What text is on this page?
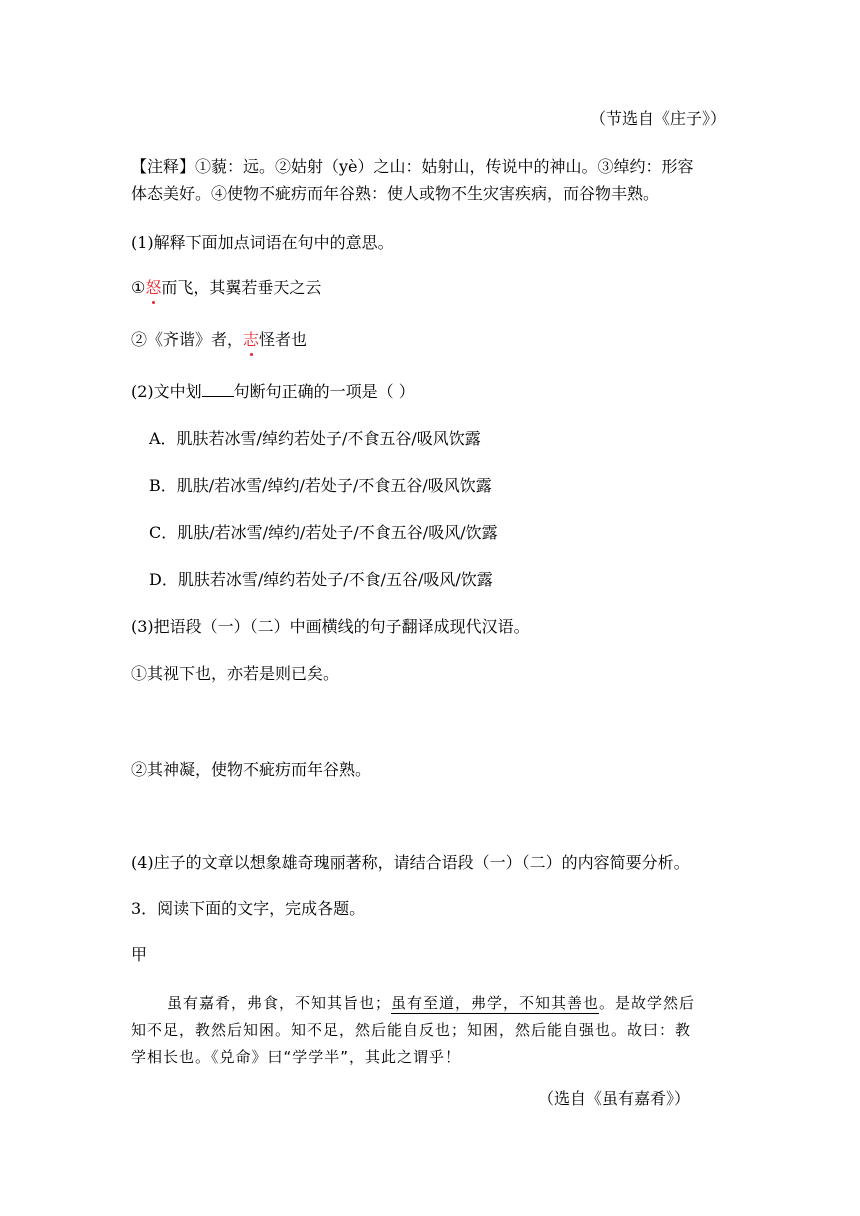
（节选自《庄子》）
【注释】①藐：远。②姑射（yè）之山：姑射山，传说中的神山。③绰约：形容
体态美好。④使物不疵疠而年谷熟：使人或物不生灾害疾病，而谷物丰熟。
(1)解释下面加点词语在句中的意思。
①怒而飞，其翼若垂天之云
②《齐谐》者，志怪者也
(2)文中划 句断句正确的一项是（ ）
A．肌肤若冰雪/绰约若处子/不食五谷/吸风饮露
B．肌肤/若冰雪/绰约/若处子/不食五谷/吸风饮露
C．肌肤/若冰雪/绰约/若处子/不食五谷/吸风/饮露
D．肌肤若冰雪/绰约若处子/不食/五谷/吸风/饮露
(3)把语段（一）（二）中画横线的句子翻译成现代汉语。
①其视下也，亦若是则已矣。
②其神凝，使物不疵疠而年谷熟。
(4)庄子的文章以想象雄奇瑰丽著称，请结合语段（一）（二）的内容简要分析。
3．阅读下面的文字，完成各题。
甲
虽有嘉肴，弗食，不知其旨也；虽有至道，弗学，不知其善也。是故学然后
知不足，教然后知困。知不足，然后能自反也；知困，然后能自强也。故曰：教
学相长也。《兑命》曰“学学半”，其此之谓乎！
（选自《虽有嘉肴》）
